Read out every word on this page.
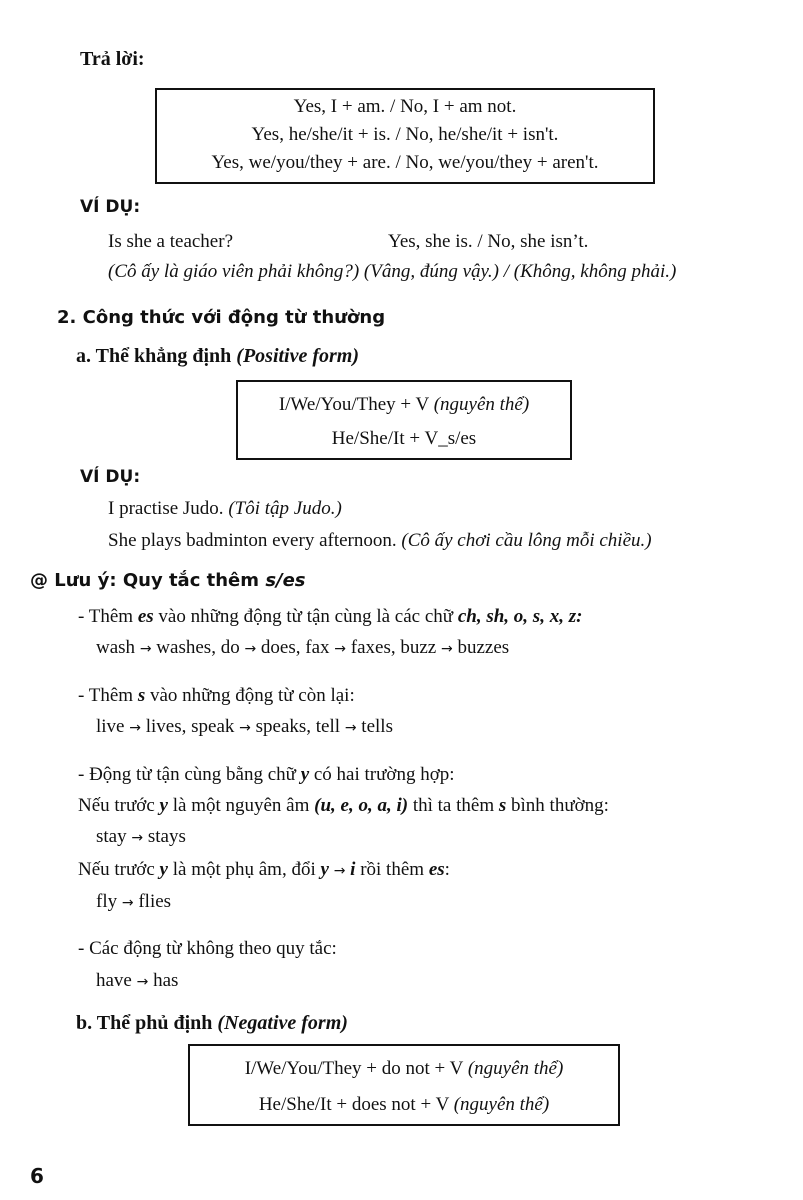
Trả lời:
Yes, I + am. / No, I + am not.
Yes, he/she/it + is. / No, he/she/it + isn't.
Yes, we/you/they + are. / No, we/you/they + aren't.
VÍ DỤ:
Is she a teacher?	Yes, she is. / No, she isn’t.
(Cô ấy là giáo viên phải không?) (Vâng, đúng vậy.) / (Không, không phải.)
2. Công thức với động từ thường
a. Thể khẳng định (Positive form)
I/We/You/They + V (nguyên thể)
He/She/It + V_s/es
VÍ DỤ:
I practise Judo. (Tôi tập Judo.)
She plays badminton every afternoon. (Cô ấy chơi cầu lông mỗi chiều.)
@ Lưu ý: Quy tắc thêm s/es
- Thêm es vào những động từ tận cùng là các chữ ch, sh, o, s, x, z:
wash → washes, do → does, fax → faxes, buzz → buzzes
- Thêm s vào những động từ còn lại:
live → lives, speak → speaks, tell → tells
- Động từ tận cùng bằng chữ y có hai trường hợp:
Nếu trước y là một nguyên âm (u, e, o, a, i) thì ta thêm s bình thường:
stay → stays
Nếu trước y là một phụ âm, đổi y → i rồi thêm es:
fly → flies
- Các động từ không theo quy tắc:
have → has
b. Thể phủ định (Negative form)
I/We/You/They + do not + V (nguyên thể)
He/She/It + does not + V (nguyên thể)
6
